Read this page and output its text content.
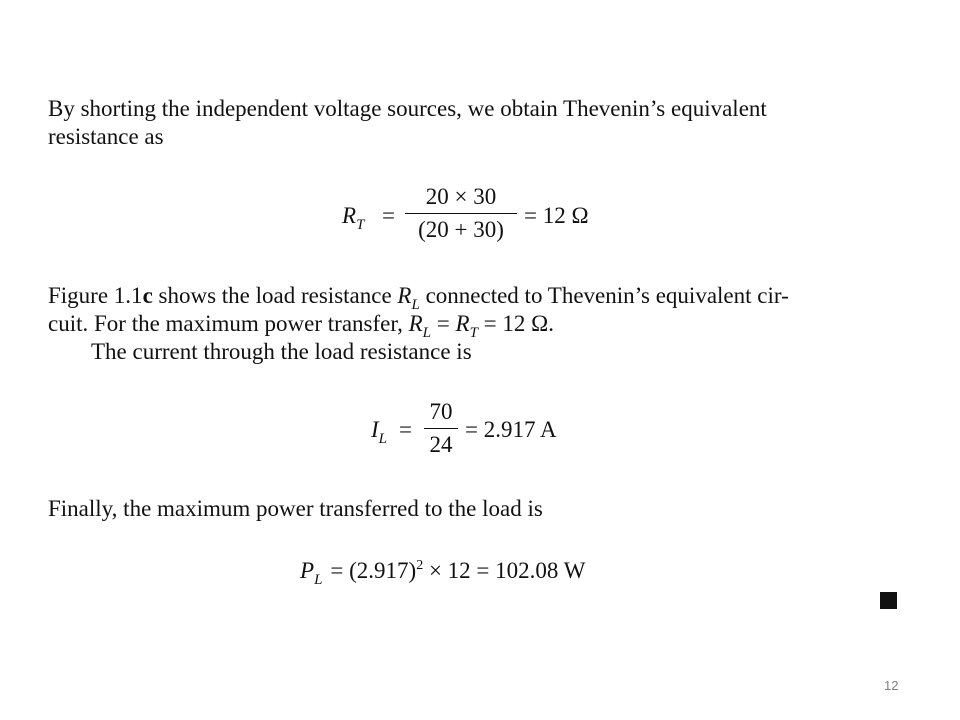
By shorting the independent voltage sources, we obtain Thevenin’s equivalent
resistance as
$R_T$ =
20 × 30
(20 + 30)
= 12 Ω
Figure 1.1c shows the load resistance $R_L$ connected to Thevenin’s equivalent cir-
cuit. For the maximum power transfer, $R_L = R_T = 12$ Ω.
The current through the load resistance is
$I_L$ =
70
24
= 2.917 A
Finally, the maximum power transferred to the load is
$P_L = (2.917)^2 \times 12 = 102.08$ W
12
